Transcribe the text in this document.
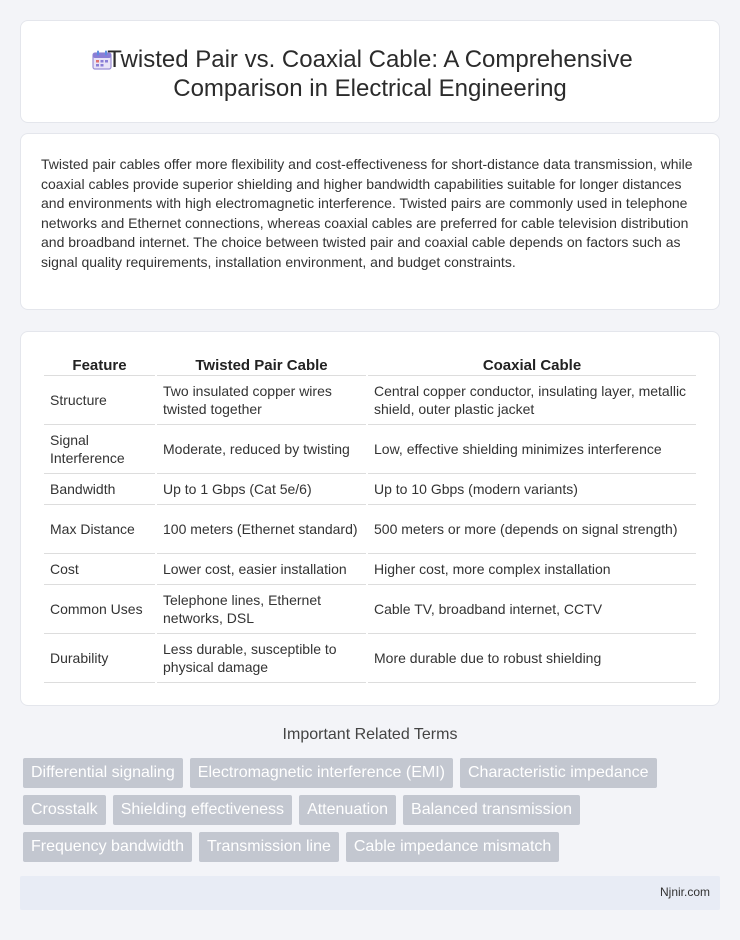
Twisted Pair vs. Coaxial Cable: A Comprehensive Comparison in Electrical Engineering

Twisted pair cables offer more flexibility and cost-effectiveness for short-distance data transmission, while coaxial cables provide superior shielding and higher bandwidth capabilities suitable for longer distances and environments with high electromagnetic interference. Twisted pairs are commonly used in telephone networks and Ethernet connections, whereas coaxial cables are preferred for cable television distribution and broadband internet. The choice between twisted pair and coaxial cable depends on factors such as signal quality requirements, installation environment, and budget constraints.

Feature	Twisted Pair Cable	Coaxial Cable
Structure	Two insulated copper wires twisted together	Central copper conductor, insulating layer, metallic shield, outer plastic jacket
Signal Interference	Moderate, reduced by twisting	Low, effective shielding minimizes interference
Bandwidth	Up to 1 Gbps (Cat 5e/6)	Up to 10 Gbps (modern variants)
Max Distance	100 meters (Ethernet standard)	500 meters or more (depends on signal strength)
Cost	Lower cost, easier installation	Higher cost, more complex installation
Common Uses	Telephone lines, Ethernet networks, DSL	Cable TV, broadband internet, CCTV
Durability	Less durable, susceptible to physical damage	More durable due to robust shielding
Important Related Terms
Differential signaling	Electromagnetic interference (EMI)	Characteristic impedance
Crosstalk	Shielding effectiveness	Attenuation	Balanced transmission
Frequency bandwidth	Transmission line	Cable impedance mismatch
Njnir.com
